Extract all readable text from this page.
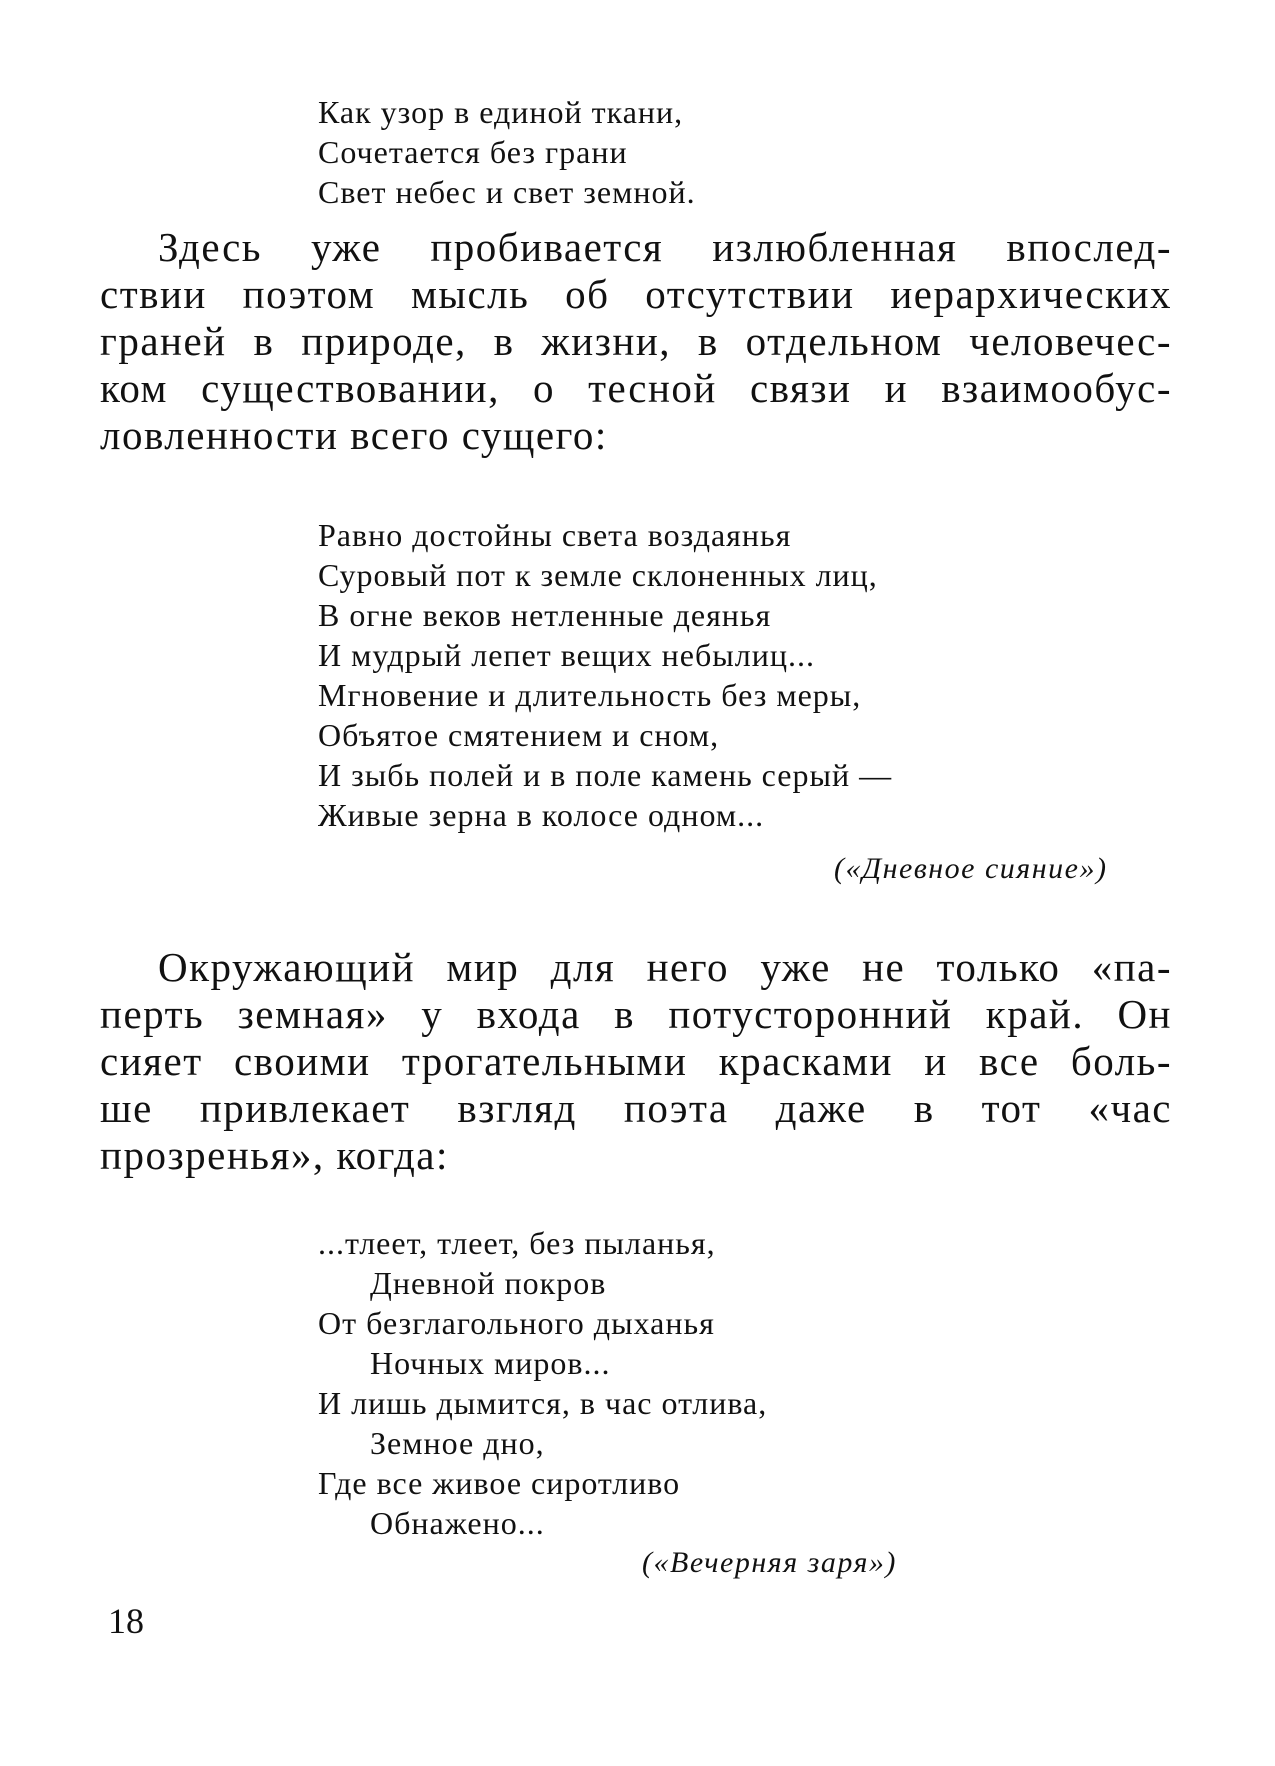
Как узор в единой ткани,
Сочетается без грани
Свет небес и свет земной.
Здесь уже пробивается излюбленная впослед-
ствии поэтом мысль об отсутствии иерархических
граней в природе, в жизни, в отдельном человечес-
ком существовании, о тесной связи и взаимообус-
ловленности всего сущего:
Равно достойны света воздаянья
Суровый пот к земле склоненных лиц,
В огне веков нетленные деянья
И мудрый лепет вещих небылиц...
Мгновение и длительность без меры,
Объятое смятением и сном,
И зыбь полей и в поле камень серый —
Живые зерна в колосе одном...
(«Дневное сияние»)
Окружающий мир для него уже не только «па-
перть земная» у входа в потусторонний край. Он
сияет своими трогательными красками и все боль-
ше привлекает взгляд поэта даже в тот «час
прозренья», когда:
...тлеет, тлеет, без пыланья,
Дневной покров
От безглагольного дыханья
Ночных миров...
И лишь дымится, в час отлива,
Земное дно,
Где все живое сиротливо
Обнажено...
(«Вечерняя заря»)
18
